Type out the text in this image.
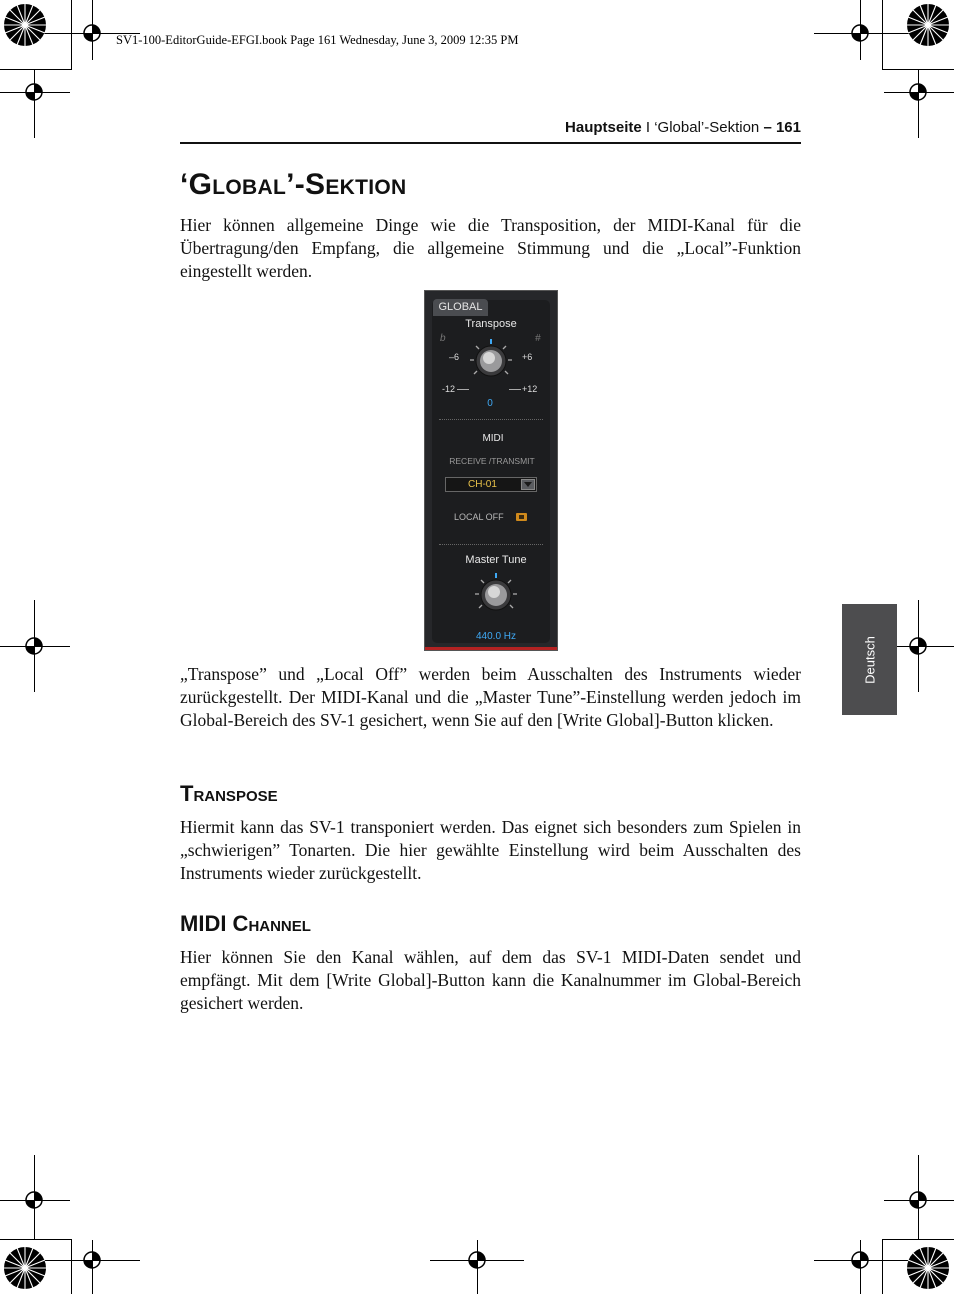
SV1-100-EditorGuide-EFGI.book Page 161 Wednesday, June 3, 2009 12:35 PM
Hauptseite I ‘Global’-Sektion – 161
‘Global’-Sektion

Hier können allgemeine Dinge wie die Transposition, der MIDI-Kanal für die Übertragung/den Empfang, die allgemeine Stimmung und die „Local”-Funktion eingestellt werden.

GLOBAL
Transpose
b	#
–6	+6
-12	+12
0
MIDI
RECEIVE /TRANSMIT
CH-01
LOCAL OFF
Master Tune
440.0 Hz

„Transpose” und „Local Off” werden beim Ausschalten des Instruments wieder zurückgestellt. Der MIDI-Kanal und die „Master Tune”-Einstellung werden jedoch im Global-Bereich des SV-1 gesichert, wenn Sie auf den [Write Global]-Button klicken.

Transpose

Hiermit kann das SV-1 transponiert werden. Das eignet sich besonders zum Spielen in „schwierigen” Tonarten. Die hier gewählte Einstellung wird beim Ausschalten des Instruments wieder zurückgestellt.

MIDI Channel

Hier können Sie den Kanal wählen, auf dem das SV-1 MIDI-Daten sendet und empfängt. Mit dem [Write Global]-Button kann die Kanalnummer im Global-Bereich gesichert werden.

Deutsch
